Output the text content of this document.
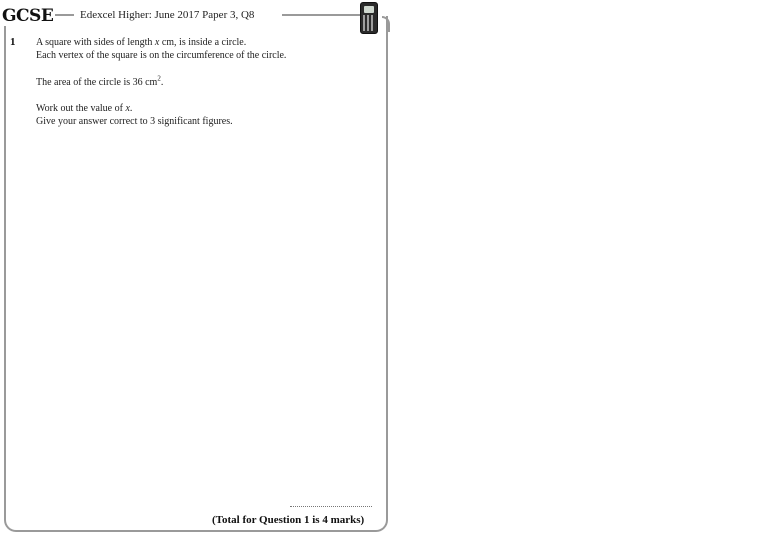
GCSE Edexcel Higher: June 2017 Paper 3, Q8
1 A square with sides of length x cm, is inside a circle.
Each vertex of the square is on the circumference of the circle.
The area of the circle is 36 $cm^2$.
Work out the value of x.
Give your answer correct to 3 significant figures.
(Total for Question 1 is 4 marks)
